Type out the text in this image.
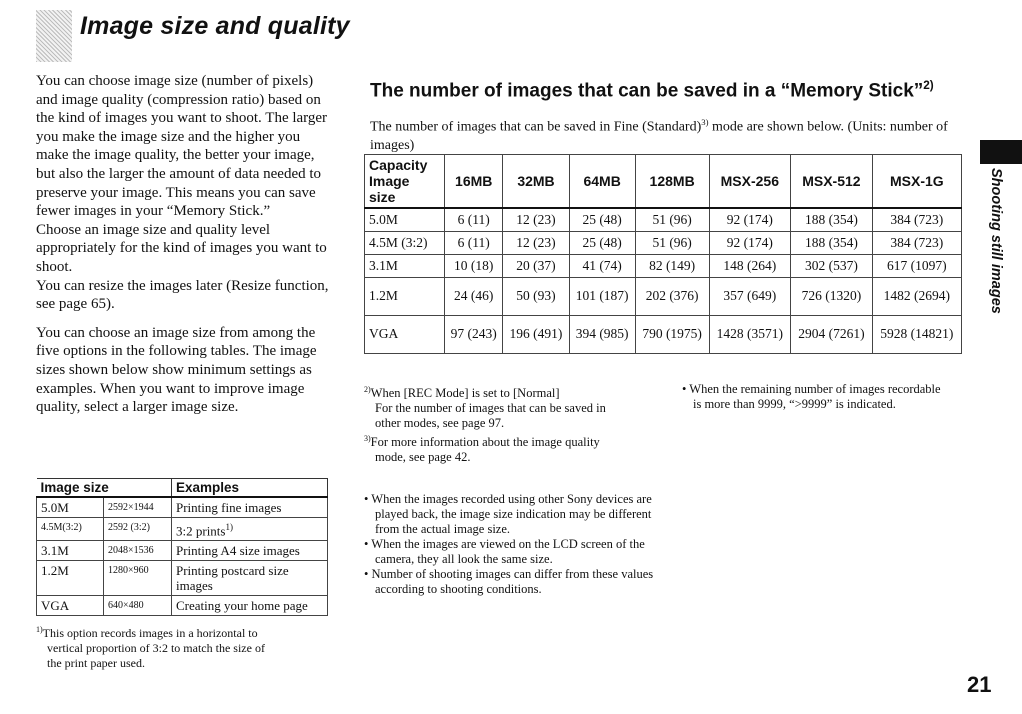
Image size and quality

You can choose image size (number of pixels) and image quality (compression ratio) based on the kind of images you want to shoot. The larger you make the image size and the higher you make the image quality, the better your image, but also the larger the amount of data needed to preserve your image. This means you can save fewer images in your “Memory Stick.”

Choose an image size and quality level appropriately for the kind of images you want to shoot.

You can resize the images later (Resize function, see page 65).

You can choose an image size from among the five options in the following tables. The image sizes shown below show minimum settings as examples. When you want to improve image quality, select a larger image size.

Image size		Examples
5.0M	2592×1944	Printing fine images
4.5M(3:2)	2592 (3:2)	3:2 prints$^{1)}$
3.1M	2048×1536	Printing A4 size images
1.2M	1280×960	Printing postcard size images
VGA	640×480	Creating your home page
$^{1)}$This option records images in a horizontal to
vertical proportion of 3:2 to match the size of
the print paper used.
The number of images that can be saved in a “Memory Stick”$^{2)}$

The number of images that can be saved in Fine (Standard)$^{3)}$ mode are shown below. (Units: number of images)

Capacity
Image
size	16MB	32MB	64MB	128MB	MSX-256	MSX-512	MSX-1G
5.0M	6 (11)	12 (23)	25 (48)	51 (96)	92 (174)	188 (354)	384 (723)
4.5M (3:2)	6 (11)	12 (23)	25 (48)	51 (96)	92 (174)	188 (354)	384 (723)
3.1M	10 (18)	20 (37)	41 (74)	82 (149)	148 (264)	302 (537)	617 (1097)
1.2M	24 (46)	50 (93)	101 (187)	202 (376)	357 (649)	726 (1320)	1482 (2694)
VGA	97 (243)	196 (491)	394 (985)	790 (1975)	1428 (3571)	2904 (7261)	5928 (14821)
$^{2)}$When [REC Mode] is set to [Normal]
For the number of images that can be saved in
other modes, see page 97.
$^{3)}$For more information about the image quality
mode, see page 42.
• When the remaining number of images recordable is more than 9999, “>9999” is indicated.
• When the images recorded using other Sony devices are played back, the image size indication may be different from the actual image size.
• When the images are viewed on the LCD screen of the camera, they all look the same size.
• Number of shooting images can differ from these values according to shooting conditions.
Shooting still images
21
